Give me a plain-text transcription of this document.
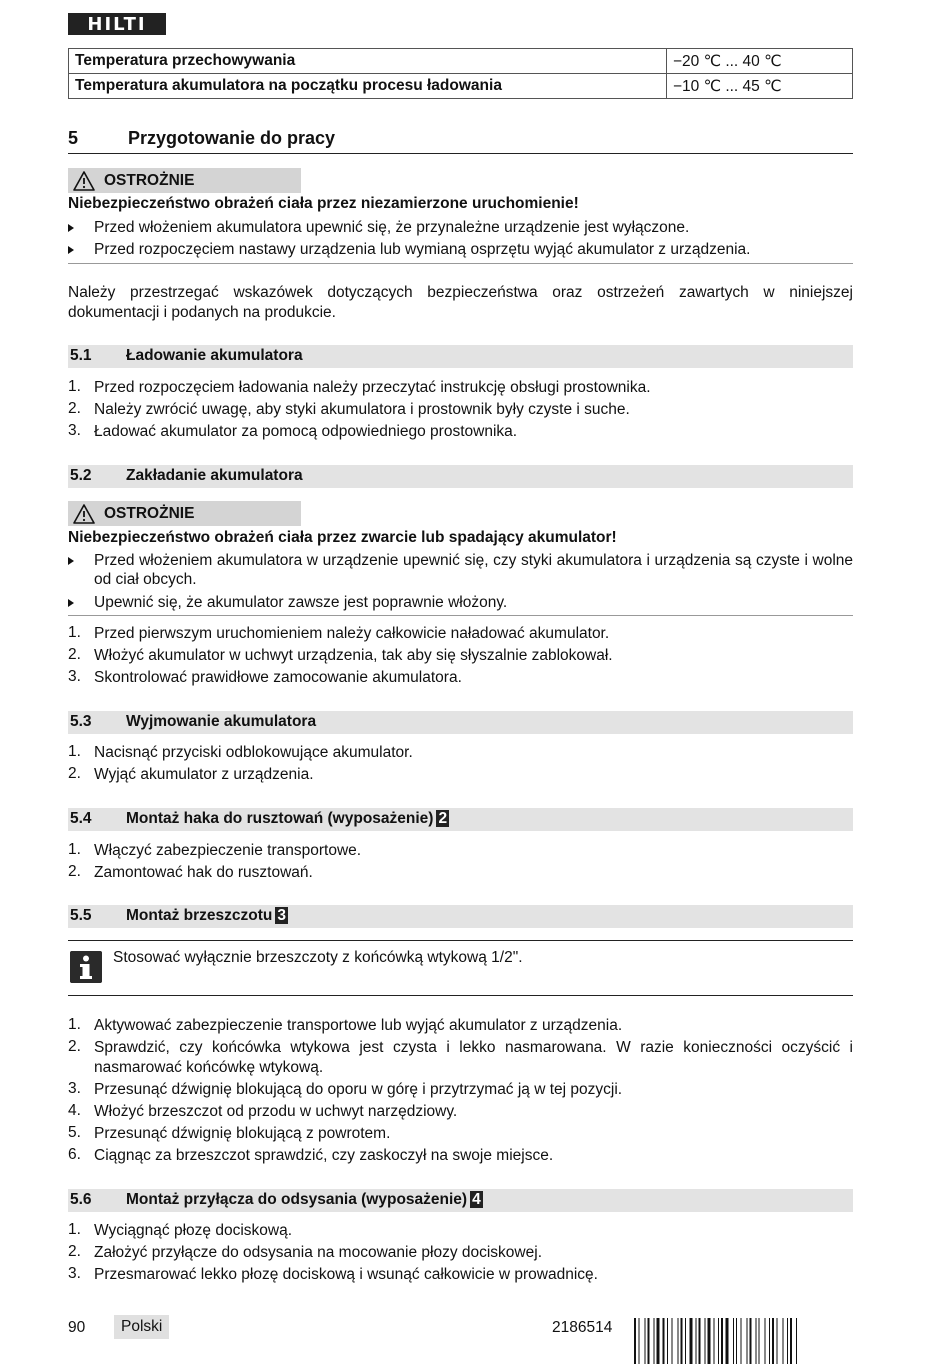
HILTI
Temperatura przechowywania	−20 ℃ ... 40 ℃
Temperatura akumulatora na początku procesu ładowania	−10 ℃ ... 45 ℃
5	Przygotowanie do pracy
OSTROŻNIE
Niebezpieczeństwo obrażeń ciała przez niezamierzone uruchomienie!
Przed włożeniem akumulatora upewnić się, że przynależne urządzenie jest wyłączone.
Przed rozpoczęciem nastawy urządzenia lub wymianą osprzętu wyjąć akumulator z urządzenia.
Należy przestrzegać wskazówek dotyczących bezpieczeństwa oraz ostrzeżeń zawartych w niniejszej dokumentacji i podanych na produkcie.
5.1 Ładowanie akumulatora
1. Przed rozpoczęciem ładowania należy przeczytać instrukcję obsługi prostownika.
2. Należy zwrócić uwagę, aby styki akumulatora i prostownik były czyste i suche.
3. Ładować akumulator za pomocą odpowiedniego prostownika.
5.2 Zakładanie akumulatora
OSTROŻNIE
Niebezpieczeństwo obrażeń ciała przez zwarcie lub spadający akumulator!
Przed włożeniem akumulatora w urządzenie upewnić się, czy styki akumulatora i urządzenia są czyste i wolne od ciał obcych.
Upewnić się, że akumulator zawsze jest poprawnie włożony.
1. Przed pierwszym uruchomieniem należy całkowicie naładować akumulator.
2. Włożyć akumulator w uchwyt urządzenia, tak aby się słyszalnie zablokował.
3. Skontrolować prawidłowe zamocowanie akumulatora.
5.3 Wyjmowanie akumulatora
1. Nacisnąć przyciski odblokowujące akumulator.
2. Wyjąć akumulator z urządzenia.
5.4 Montaż haka do rusztowań (wyposażenie) 2
1. Włączyć zabezpieczenie transportowe.
2. Zamontować hak do rusztowań.
5.5 Montaż brzeszczotu 3
Stosować wyłącznie brzeszczoty z końcówką wtykową 1/2".
1. Aktywować zabezpieczenie transportowe lub wyjąć akumulator z urządzenia.
2. Sprawdzić, czy końcówka wtykowa jest czysta i lekko nasmarowana. W razie konieczności oczyścić i nasmarować końcówkę wtykową.
3. Przesunąć dźwignię blokującą do oporu w górę i przytrzymać ją w tej pozycji.
4. Włożyć brzeszczot od przodu w uchwyt narzędziowy.
5. Przesunąć dźwignię blokującą z powrotem.
6. Ciągnąc za brzeszczot sprawdzić, czy zaskoczył na swoje miejsce.
5.6 Montaż przyłącza do odsysania (wyposażenie) 4
1. Wyciągnąć płozę dociskową.
2. Założyć przyłącze do odsysania na mocowanie płozy dociskowej.
3. Przesmarować lekko płozę dociskową i wsunąć całkowicie w prowadnicę.
90	Polski	2186514
